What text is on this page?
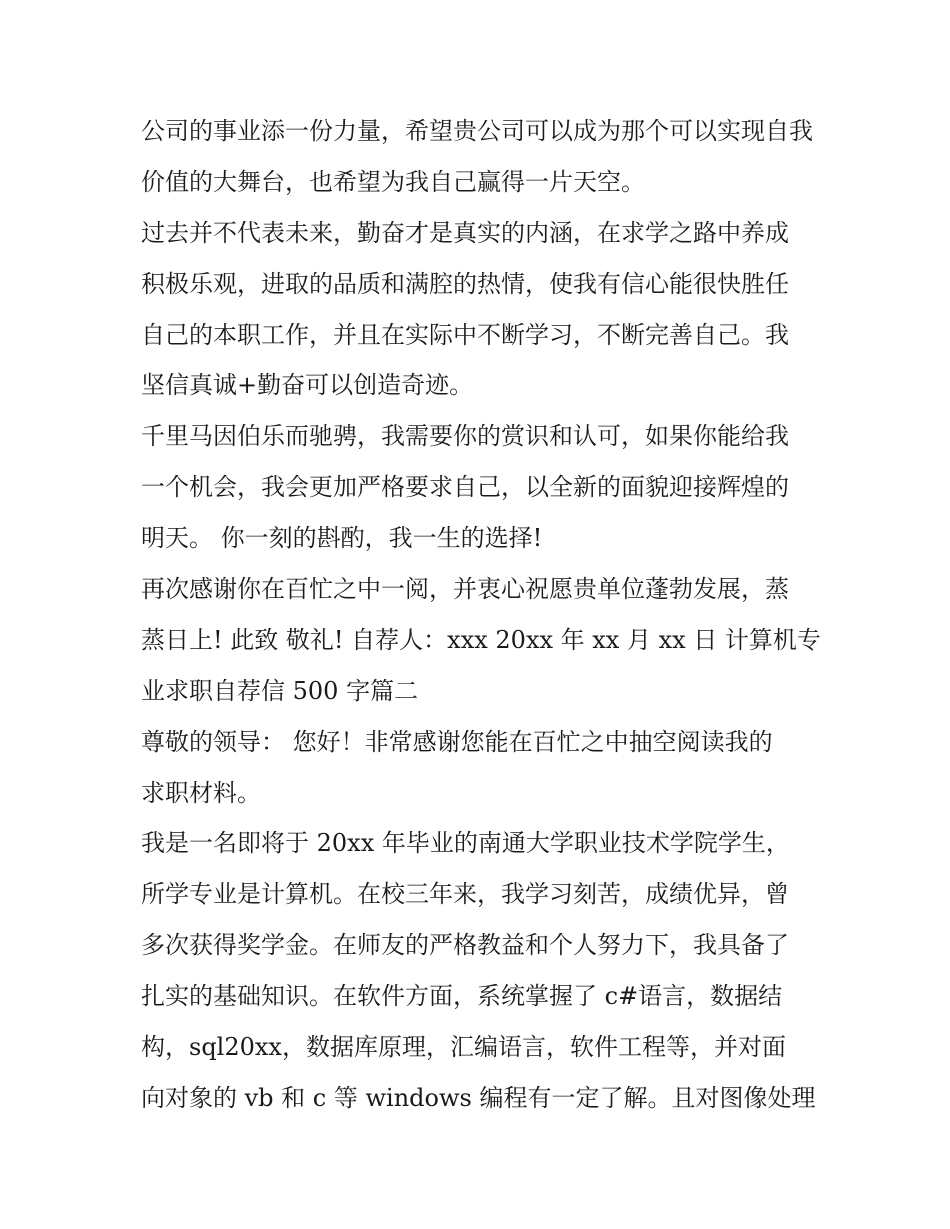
公司的事业添一份力量，希望贵公司可以成为那个可以实现自我
价值的大舞台，也希望为我自己赢得一片天空。
过去并不代表未来，勤奋才是真实的内涵，在求学之路中养成
积极乐观，进取的品质和满腔的热情，使我有信心能很快胜任
自己的本职工作，并且在实际中不断学习，不断完善自己。我
坚信真诚+勤奋可以创造奇迹。
千里马因伯乐而驰骋，我需要你的赏识和认可，如果你能给我
一个机会，我会更加严格要求自己，以全新的面貌迎接辉煌的
明天。 你一刻的斟酌，我一生的选择!
再次感谢你在百忙之中一阅，并衷心祝愿贵单位蓬勃发展，蒸
蒸日上! 此致 敬礼! 自荐人：xxx 20xx 年 xx 月 xx 日 计算机专
业求职自荐信 500 字篇二
尊敬的领导： 您好！非常感谢您能在百忙之中抽空阅读我的
求职材料。
我是一名即将于 20xx 年毕业的南通大学职业技术学院学生，
所学专业是计算机。在校三年来，我学习刻苦，成绩优异，曾
多次获得奖学金。在师友的严格教益和个人努力下，我具备了
扎实的基础知识。在软件方面，系统掌握了 c#语言，数据结
构，sql20xx，数据库原理，汇编语言，软件工程等，并对面
向对象的 vb 和 c 等 windows 编程有一定了解。且对图像处理
